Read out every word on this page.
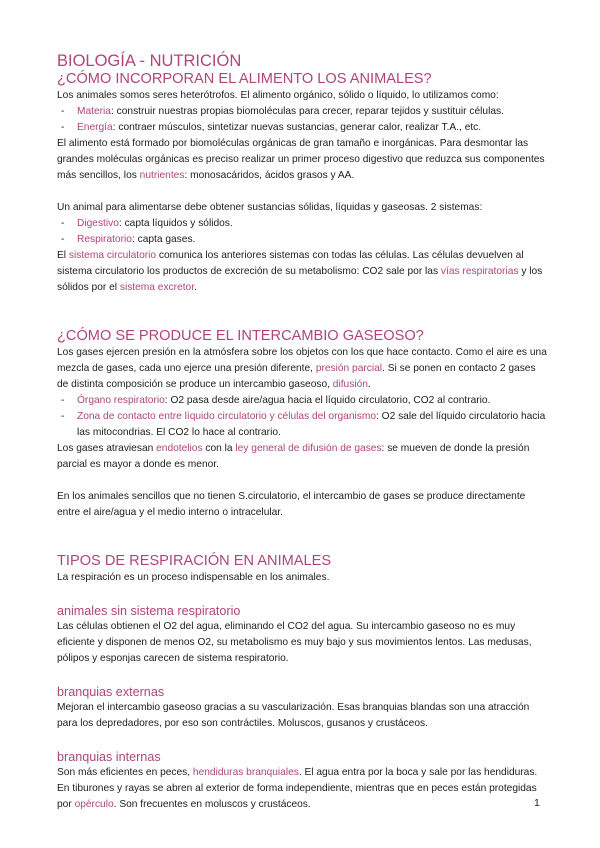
BIOLOGÍA - NUTRICIÓN
¿CÓMO INCORPORAN EL ALIMENTO LOS ANIMALES?

Los animales somos seres heterótrofos. El alimento orgánico, sólido o líquido, lo utilizamos como:

- Materia: construir nuestras propias biomoléculas para crecer, reparar tejidos y sustituir células.

- Energía: contraer músculos, sintetizar nuevas sustancias, generar calor, realizar T.A., etc.

El alimento está formado por biomoléculas orgánicas de gran tamaño e inorgánicas. Para desmontar las grandes moléculas orgánicas es preciso realizar un primer proceso digestivo que reduzca sus componentes más sencillos, los nutrientes: monosacáridos, ácidos grasos y AA.

Un animal para alimentarse debe obtener sustancias sólidas, líquidas y gaseosas. 2 sistemas:

- Digestivo: capta líquidos y sólidos.

- Respiratorio: capta gases.

El sistema circulatorio comunica los anteriores sistemas con todas las células. Las células devuelven al sistema circulatorio los productos de excreción de su metabolismo: CO2 sale por las vías respiratorias y los sólidos por el sistema excretor.

¿CÓMO SE PRODUCE EL INTERCAMBIO GASEOSO?

Los gases ejercen presión en la atmósfera sobre los objetos con los que hace contacto. Como el aire es una mezcla de gases, cada uno ejerce una presión diferente, presión parcial. Si se ponen en contacto 2 gases de distinta composición se produce un intercambio gaseoso, difusión.

- Órgano respiratorio: O2 pasa desde aire/agua hacia el líquido circulatorio, CO2 al contrario.

- Zona de contacto entre líquido circulatorio y células del organismo: O2 sale del líquido circulatorio hacia las mitocondrias. El CO2 lo hace al contrario.

Los gases atraviesan endotelios con la ley general de difusión de gases: se mueven de donde la presión parcial es mayor a donde es menor.

En los animales sencillos que no tienen S.circulatorio, el intercambio de gases se produce directamente entre el aire/agua y el medio interno o intracelular.

TIPOS DE RESPIRACIÓN EN ANIMALES

La respiración es un proceso indispensable en los animales.

animales sin sistema respiratorio

Las células obtienen el O2 del agua, eliminando el CO2 del agua. Su intercambio gaseoso no es muy eficiente y disponen de menos O2, su metabolismo es muy bajo y sus movimientos lentos. Las medusas, pólipos y esponjas carecen de sistema respiratorio.

branquias externas

Mejoran el intercambio gaseoso gracias a su vascularización. Esas branquias blandas son una atracción para los depredadores, por eso son contráctiles. Moluscos, gusanos y crustáceos.

branquias internas

Son más eficientes en peces, hendiduras branquiales. El agua entra por la boca y sale por las hendiduras. En tiburones y rayas se abren al exterior de forma independiente, mientras que en peces están protegidas por opérculo. Son frecuentes en moluscos y crustáceos.	1
